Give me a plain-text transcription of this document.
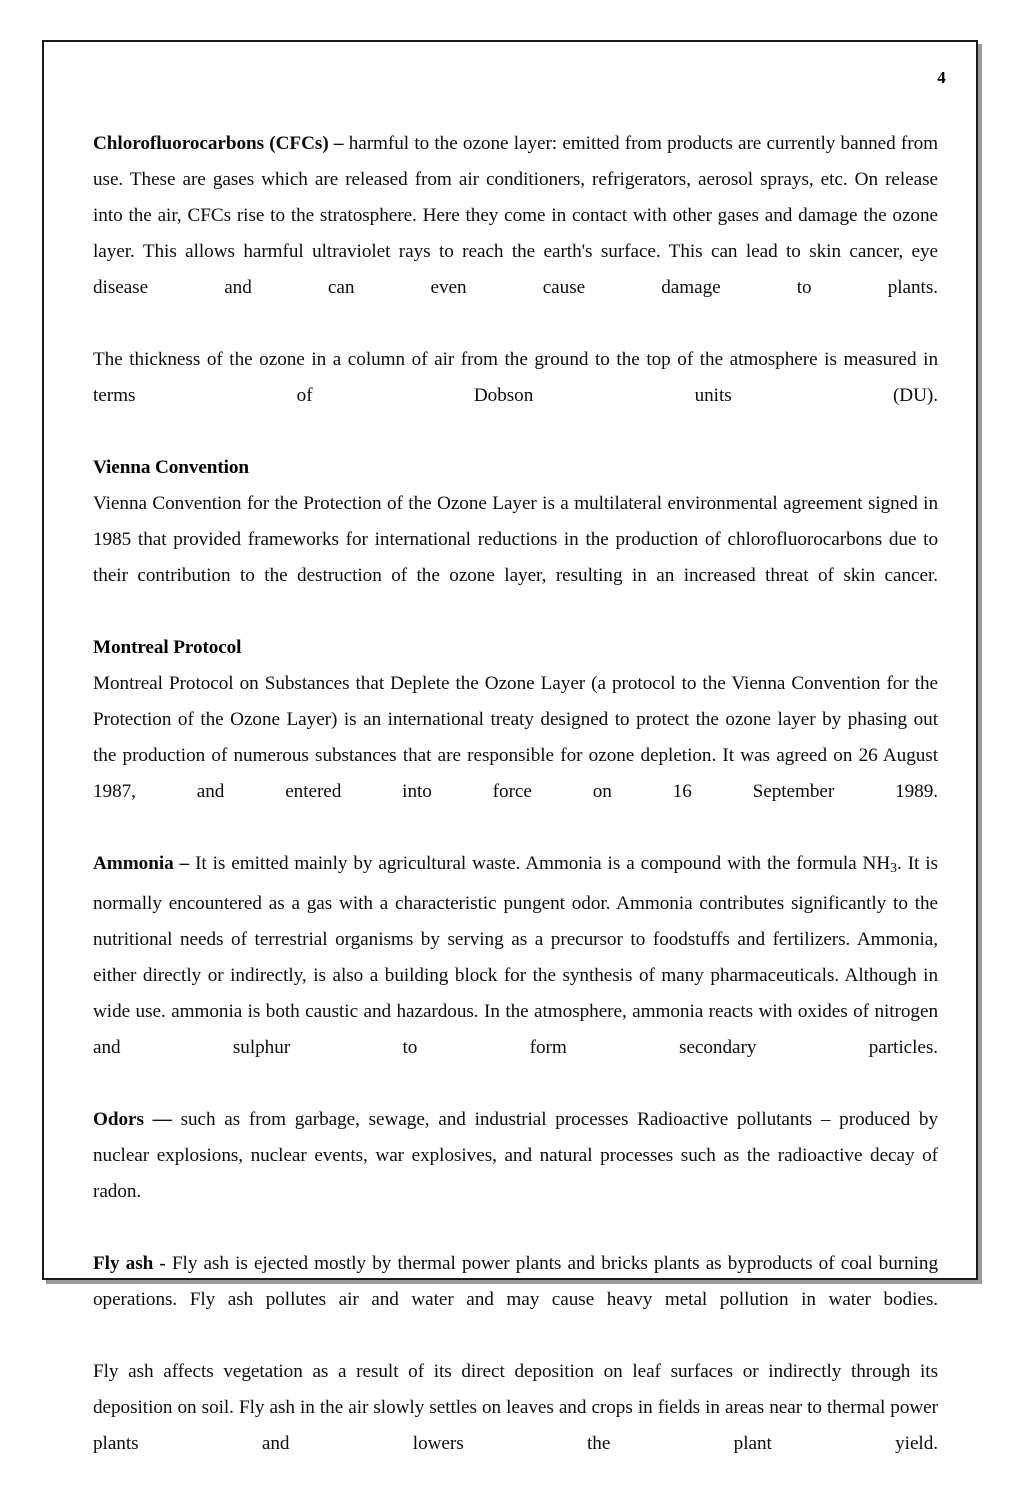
4

Chlorofluorocarbons (CFCs) – harmful to the ozone layer: emitted from products are currently banned from use. These are gases which are released from air conditioners, refrigerators, aerosol sprays, etc. On release into the air, CFCs rise to the stratosphere. Here they come in contact with other gases and damage the ozone layer. This allows harmful ultraviolet rays to reach the earth's surface. This can lead to skin cancer, eye disease and can even cause damage to plants.

The thickness of the ozone in a column of air from the ground to the top of the atmosphere is measured in terms of Dobson units (DU).

Vienna Convention

Vienna Convention for the Protection of the Ozone Layer is a multilateral environmental agreement signed in 1985 that provided frameworks for international reductions in the production of chlorofluorocarbons due to their contribution to the destruction of the ozone layer, resulting in an increased threat of skin cancer.

Montreal Protocol

Montreal Protocol on Substances that Deplete the Ozone Layer (a protocol to the Vienna Convention for the Protection of the Ozone Layer) is an international treaty designed to protect the ozone layer by phasing out the production of numerous substances that are responsible for ozone depletion. It was agreed on 26 August 1987, and entered into force on 16 September 1989.

Ammonia – It is emitted mainly by agricultural waste. Ammonia is a compound with the formula $NH_3$. It is normally encountered as a gas with a characteristic pungent odor. Ammonia contributes significantly to the nutritional needs of terrestrial organisms by serving as a precursor to foodstuffs and fertilizers. Ammonia, either directly or indirectly, is also a building block for the synthesis of many pharmaceuticals. Although in wide use. ammonia is both caustic and hazardous. In the atmosphere, ammonia reacts with oxides of nitrogen and sulphur to form secondary particles.

Odors — such as from garbage, sewage, and industrial processes Radioactive pollutants – produced by nuclear explosions, nuclear events, war explosives, and natural processes such as the radioactive decay of radon.

Fly ash - Fly ash is ejected mostly by thermal power plants and bricks plants as byproducts of coal burning operations. Fly ash pollutes air and water and may cause heavy metal pollution in water bodies.

Fly ash affects vegetation as a result of its direct deposition on leaf surfaces or indirectly through its deposition on soil. Fly ash in the air slowly settles on leaves and crops in fields in areas near to thermal power plants and lowers the plant yield.
